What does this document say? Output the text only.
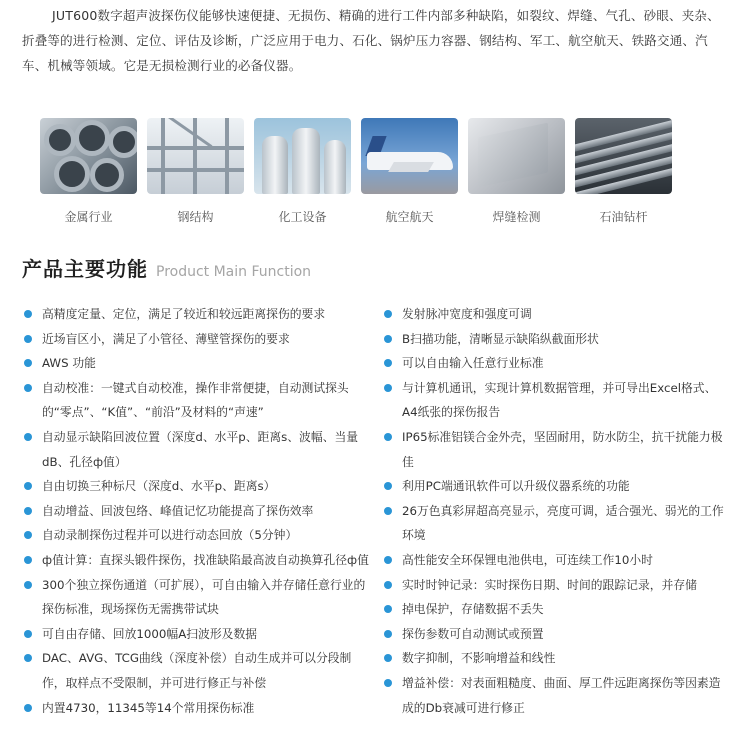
JUT600数字超声波探伤仪能够快速便捷、无损伤、精确的进行工件内部多种缺陷，如裂纹、焊缝、气孔、砂眼、夹杂、折叠等的进行检测、定位、评估及诊断，广泛应用于电力、石化、锅炉压力容器、钢结构、军工、航空航天、铁路交通、汽车、机械等领域。它是无损检测行业的必备仪器。
金属行业	钢结构	化工设备	航空航天	焊缝检测	石油钻杆
产品主要功能 Product Main Function
高精度定量、定位，满足了较近和较远距离探伤的要求
近场盲区小，满足了小管径、薄壁管探伤的要求
AWS 功能
自动校准：一键式自动校准，操作非常便捷，自动测试探头的“零点”、“K值”、“前沿”及材料的“声速”
自动显示缺陷回波位置（深度d、水平p、距离s、波幅、当量dB、孔径ф值）
自由切换三种标尺（深度d、水平p、距离s）
自动增益、回波包络、峰值记忆功能提高了探伤效率
自动录制探伤过程并可以进行动态回放（5分钟）
ф值计算：直探头锻件探伤，找准缺陷最高波自动换算孔径ф值
300个独立探伤通道（可扩展），可自由输入并存储任意行业的探伤标准，现场探伤无需携带试块
可自由存储、回放1000幅A扫波形及数据
DAC、AVG、TCG曲线（深度补偿）自动生成并可以分段制作，取样点不受限制，并可进行修正与补偿
内置4730，11345等14个常用探伤标准
发射脉冲宽度和强度可调
B扫描功能，清晰显示缺陷纵截面形状
可以自由输入任意行业标准
与计算机通讯，实现计算机数据管理，并可导出Excel格式、A4纸张的探伤报告
IP65标准铝镁合金外壳，坚固耐用，防水防尘，抗干扰能力极佳
利用PC端通讯软件可以升级仪器系统的功能
26万色真彩屏超高亮显示，亮度可调，适合强光、弱光的工作环境
高性能安全环保锂电池供电，可连续工作10小时
实时时钟记录：实时探伤日期、时间的跟踪记录，并存储
掉电保护，存储数据不丢失
探伤参数可自动测试或预置
数字抑制，不影响增益和线性
增益补偿：对表面粗糙度、曲面、厚工件远距离探伤等因素造成的Db衰减可进行修正
